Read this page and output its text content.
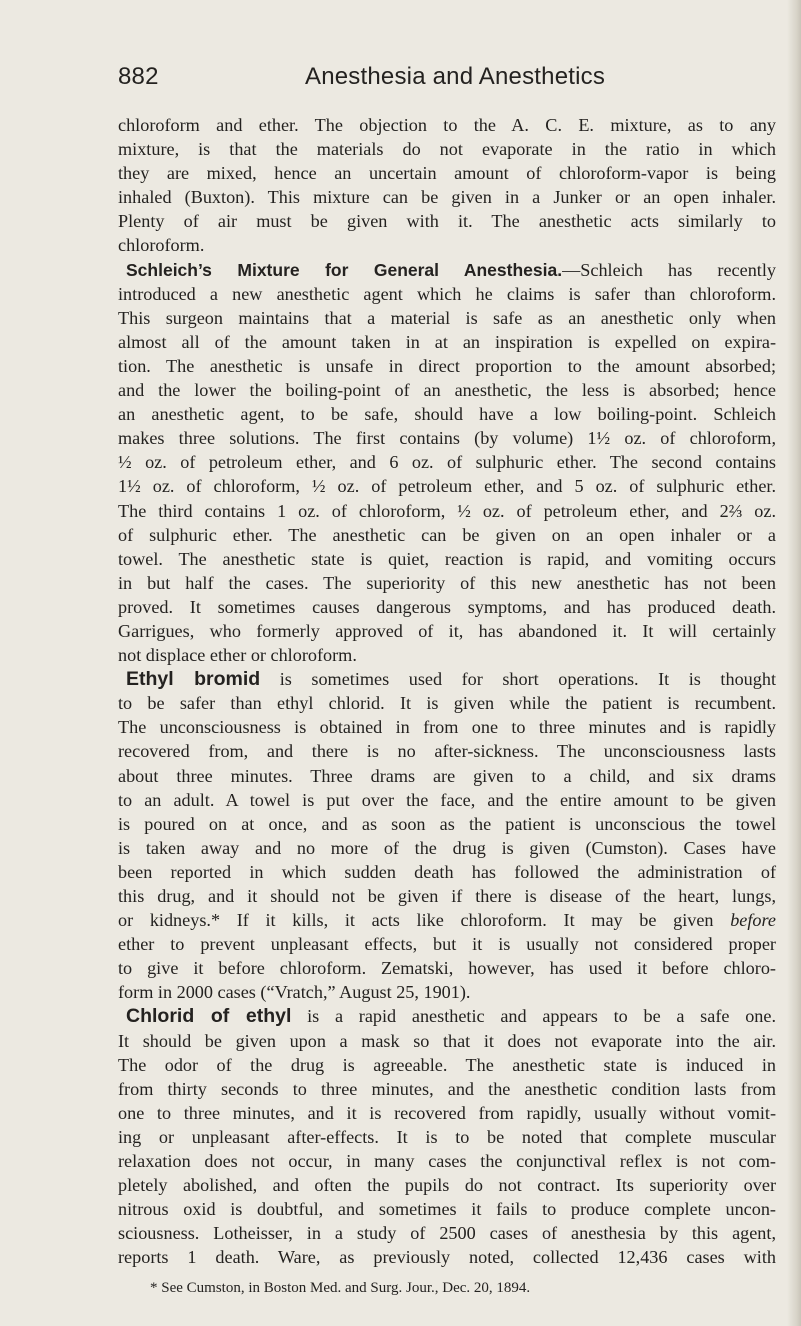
882	Anesthesia and Anesthetics
chloroform and ether. The objection to the A. C. E. mixture, as to any
mixture, is that the materials do not evaporate in the ratio in which
they are mixed, hence an uncertain amount of chloroform-vapor is being
inhaled (Buxton). This mixture can be given in a Junker or an open inhaler.
Plenty of air must be given with it. The anesthetic acts similarly to
chloroform.
Schleich’s Mixture for General Anesthesia.—Schleich has recently
introduced a new anesthetic agent which he claims is safer than chloroform.
This surgeon maintains that a material is safe as an anesthetic only when
almost all of the amount taken in at an inspiration is expelled on expira-
tion. The anesthetic is unsafe in direct proportion to the amount absorbed;
and the lower the boiling-point of an anesthetic, the less is absorbed; hence
an anesthetic agent, to be safe, should have a low boiling-point. Schleich
makes three solutions. The first contains (by volume) 1½ oz. of chloroform,
½ oz. of petroleum ether, and 6 oz. of sulphuric ether. The second contains
1½ oz. of chloroform, ½ oz. of petroleum ether, and 5 oz. of sulphuric ether.
The third contains 1 oz. of chloroform, ½ oz. of petroleum ether, and 2⅔ oz.
of sulphuric ether. The anesthetic can be given on an open inhaler or a
towel. The anesthetic state is quiet, reaction is rapid, and vomiting occurs
in but half the cases. The superiority of this new anesthetic has not been
proved. It sometimes causes dangerous symptoms, and has produced death.
Garrigues, who formerly approved of it, has abandoned it. It will certainly
not displace ether or chloroform.
Ethyl bromid is sometimes used for short operations. It is thought
to be safer than ethyl chlorid. It is given while the patient is recumbent.
The unconsciousness is obtained in from one to three minutes and is rapidly
recovered from, and there is no after-sickness. The unconsciousness lasts
about three minutes. Three drams are given to a child, and six drams
to an adult. A towel is put over the face, and the entire amount to be given
is poured on at once, and as soon as the patient is unconscious the towel
is taken away and no more of the drug is given (Cumston). Cases have
been reported in which sudden death has followed the administration of
this drug, and it should not be given if there is disease of the heart, lungs,
or kidneys.* If it kills, it acts like chloroform. It may be given before
ether to prevent unpleasant effects, but it is usually not considered proper
to give it before chloroform. Zematski, however, has used it before chloro-
form in 2000 cases (“Vratch,” August 25, 1901).
Chlorid of ethyl is a rapid anesthetic and appears to be a safe one.
It should be given upon a mask so that it does not evaporate into the air.
The odor of the drug is agreeable. The anesthetic state is induced in
from thirty seconds to three minutes, and the anesthetic condition lasts from
one to three minutes, and it is recovered from rapidly, usually without vomit-
ing or unpleasant after-effects. It is to be noted that complete muscular
relaxation does not occur, in many cases the conjunctival reflex is not com-
pletely abolished, and often the pupils do not contract. Its superiority over
nitrous oxid is doubtful, and sometimes it fails to produce complete uncon-
sciousness. Lotheisser, in a study of 2500 cases of anesthesia by this agent,
reports 1 death. Ware, as previously noted, collected 12,436 cases with
* See Cumston, in Boston Med. and Surg. Jour., Dec. 20, 1894.
